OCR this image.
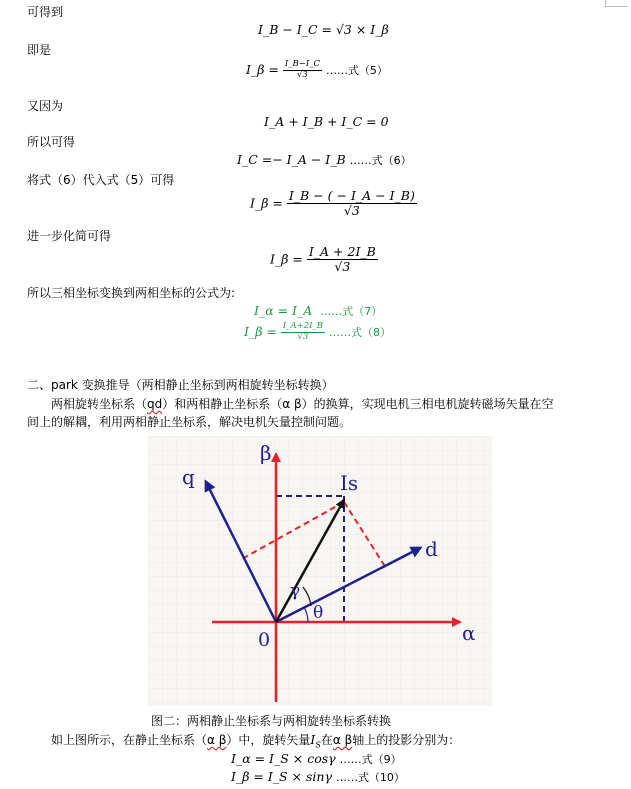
可得到
I_B − I_C = √3 × I_β
即是
I_β = $\frac{I\_B-I\_C}{√3}$ ……式（5）
又因为
I_A + I_B + I_C = 0
所以可得
I_C =− I_A − I_B ……式（6）
将式（6）代入式（5）可得
I_β = $\frac{I\_B - ( - I\_A - I\_B)}{√3}$
进一步化简可得
I_β = $\frac{I\_A + 2I\_B}{√3}$
所以三相坐标变换到两相坐标的公式为:
I_α = I_A ……式（7）
I_β = $\frac{I\_A+2I\_B}{√3}$ ……式（8）
二、park 变换推导（两相静止坐标到两相旋转坐标转换）
两相旋转坐标系（qd）和两相静止坐标系（α β）的换算，实现电机三相电机旋转磁场矢量在空
间上的解耦，利用两相静止坐标系，解决电机矢量控制问题。
β
α
q
d
Is
0
γ
θ
图二：两相静止坐标系与两相旋转坐标系转换
如上图所示，在静止坐标系（α β）中，旋转矢量$I_S$在α β轴上的投影分别为：
I_α = I_S × cosγ ……式（9）
I_β = I_S × sinγ ……式（10）
